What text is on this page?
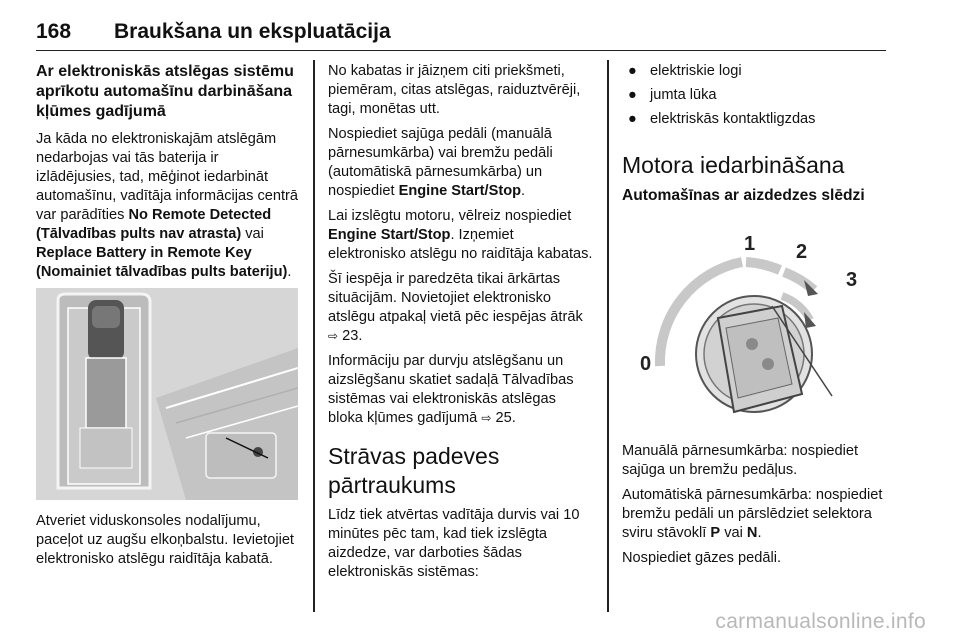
168 Braukšana un ekspluatācija
Ar elektroniskās atslēgas sistēmu aprīkotu automašīnu darbināšana kļūmes gadījumā

Ja kāda no elektroniskajām atslēgām nedarbojas vai tās baterija ir izlādējusies, tad, mēģinot iedarbināt automašīnu, vadītāja informācijas centrā var parādīties No Remote Detected (Tālvadības pults nav atrasta) vai Replace Battery in Remote Key (Nomainiet tālvadības pults bateriju).

Atveriet viduskonsoles nodalījumu, paceļot uz augšu elkoņbalstu. Ievietojiet elektronisko atslēgu raidītāja kabatā.

No kabatas ir jāizņem citi priekšmeti, piemēram, citas atslēgas, raiduztvērēji, tagi, monētas utt.

Nospiediet sajūga pedāli (manuālā pārnesumkārba) vai bremžu pedāli (automātiskā pārnesumkārba) un nospiediet Engine Start/Stop.

Lai izslēgtu motoru, vēlreiz nospiediet Engine Start/Stop. Izņemiet elektronisko atslēgu no raidītāja kabatas.

Šī iespēja ir paredzēta tikai ārkārtas situācijām. Novietojiet elektronisko atslēgu atpakaļ vietā pēc iespējas ātrāk ⇨ 23.

Informāciju par durvju atslēgšanu un aizslēgšanu skatiet sadaļā Tālvadības sistēmas vai elektroniskās atslēgas bloka kļūmes gadījumā ⇨ 25.

Strāvas padeves pārtraukums

Līdz tiek atvērtas vadītāja durvis vai 10 minūtes pēc tam, kad tiek izslēgta aizdedze, var darboties šādas elektroniskās sistēmas:

● elektriskie logi
● jumta lūka
● elektriskās kontaktligzdas
Motora iedarbināšana
Automašīnas ar aizdedzes slēdzi
0
1 2
3

Manuālā pārnesumkārba: nospiediet sajūga un bremžu pedāļus.

Automātiskā pārnesumkārba: nospiediet bremžu pedāli un pārslēdziet selektora sviru stāvoklī P vai N.

Nospiediet gāzes pedāli.

carmanualsonline.info
